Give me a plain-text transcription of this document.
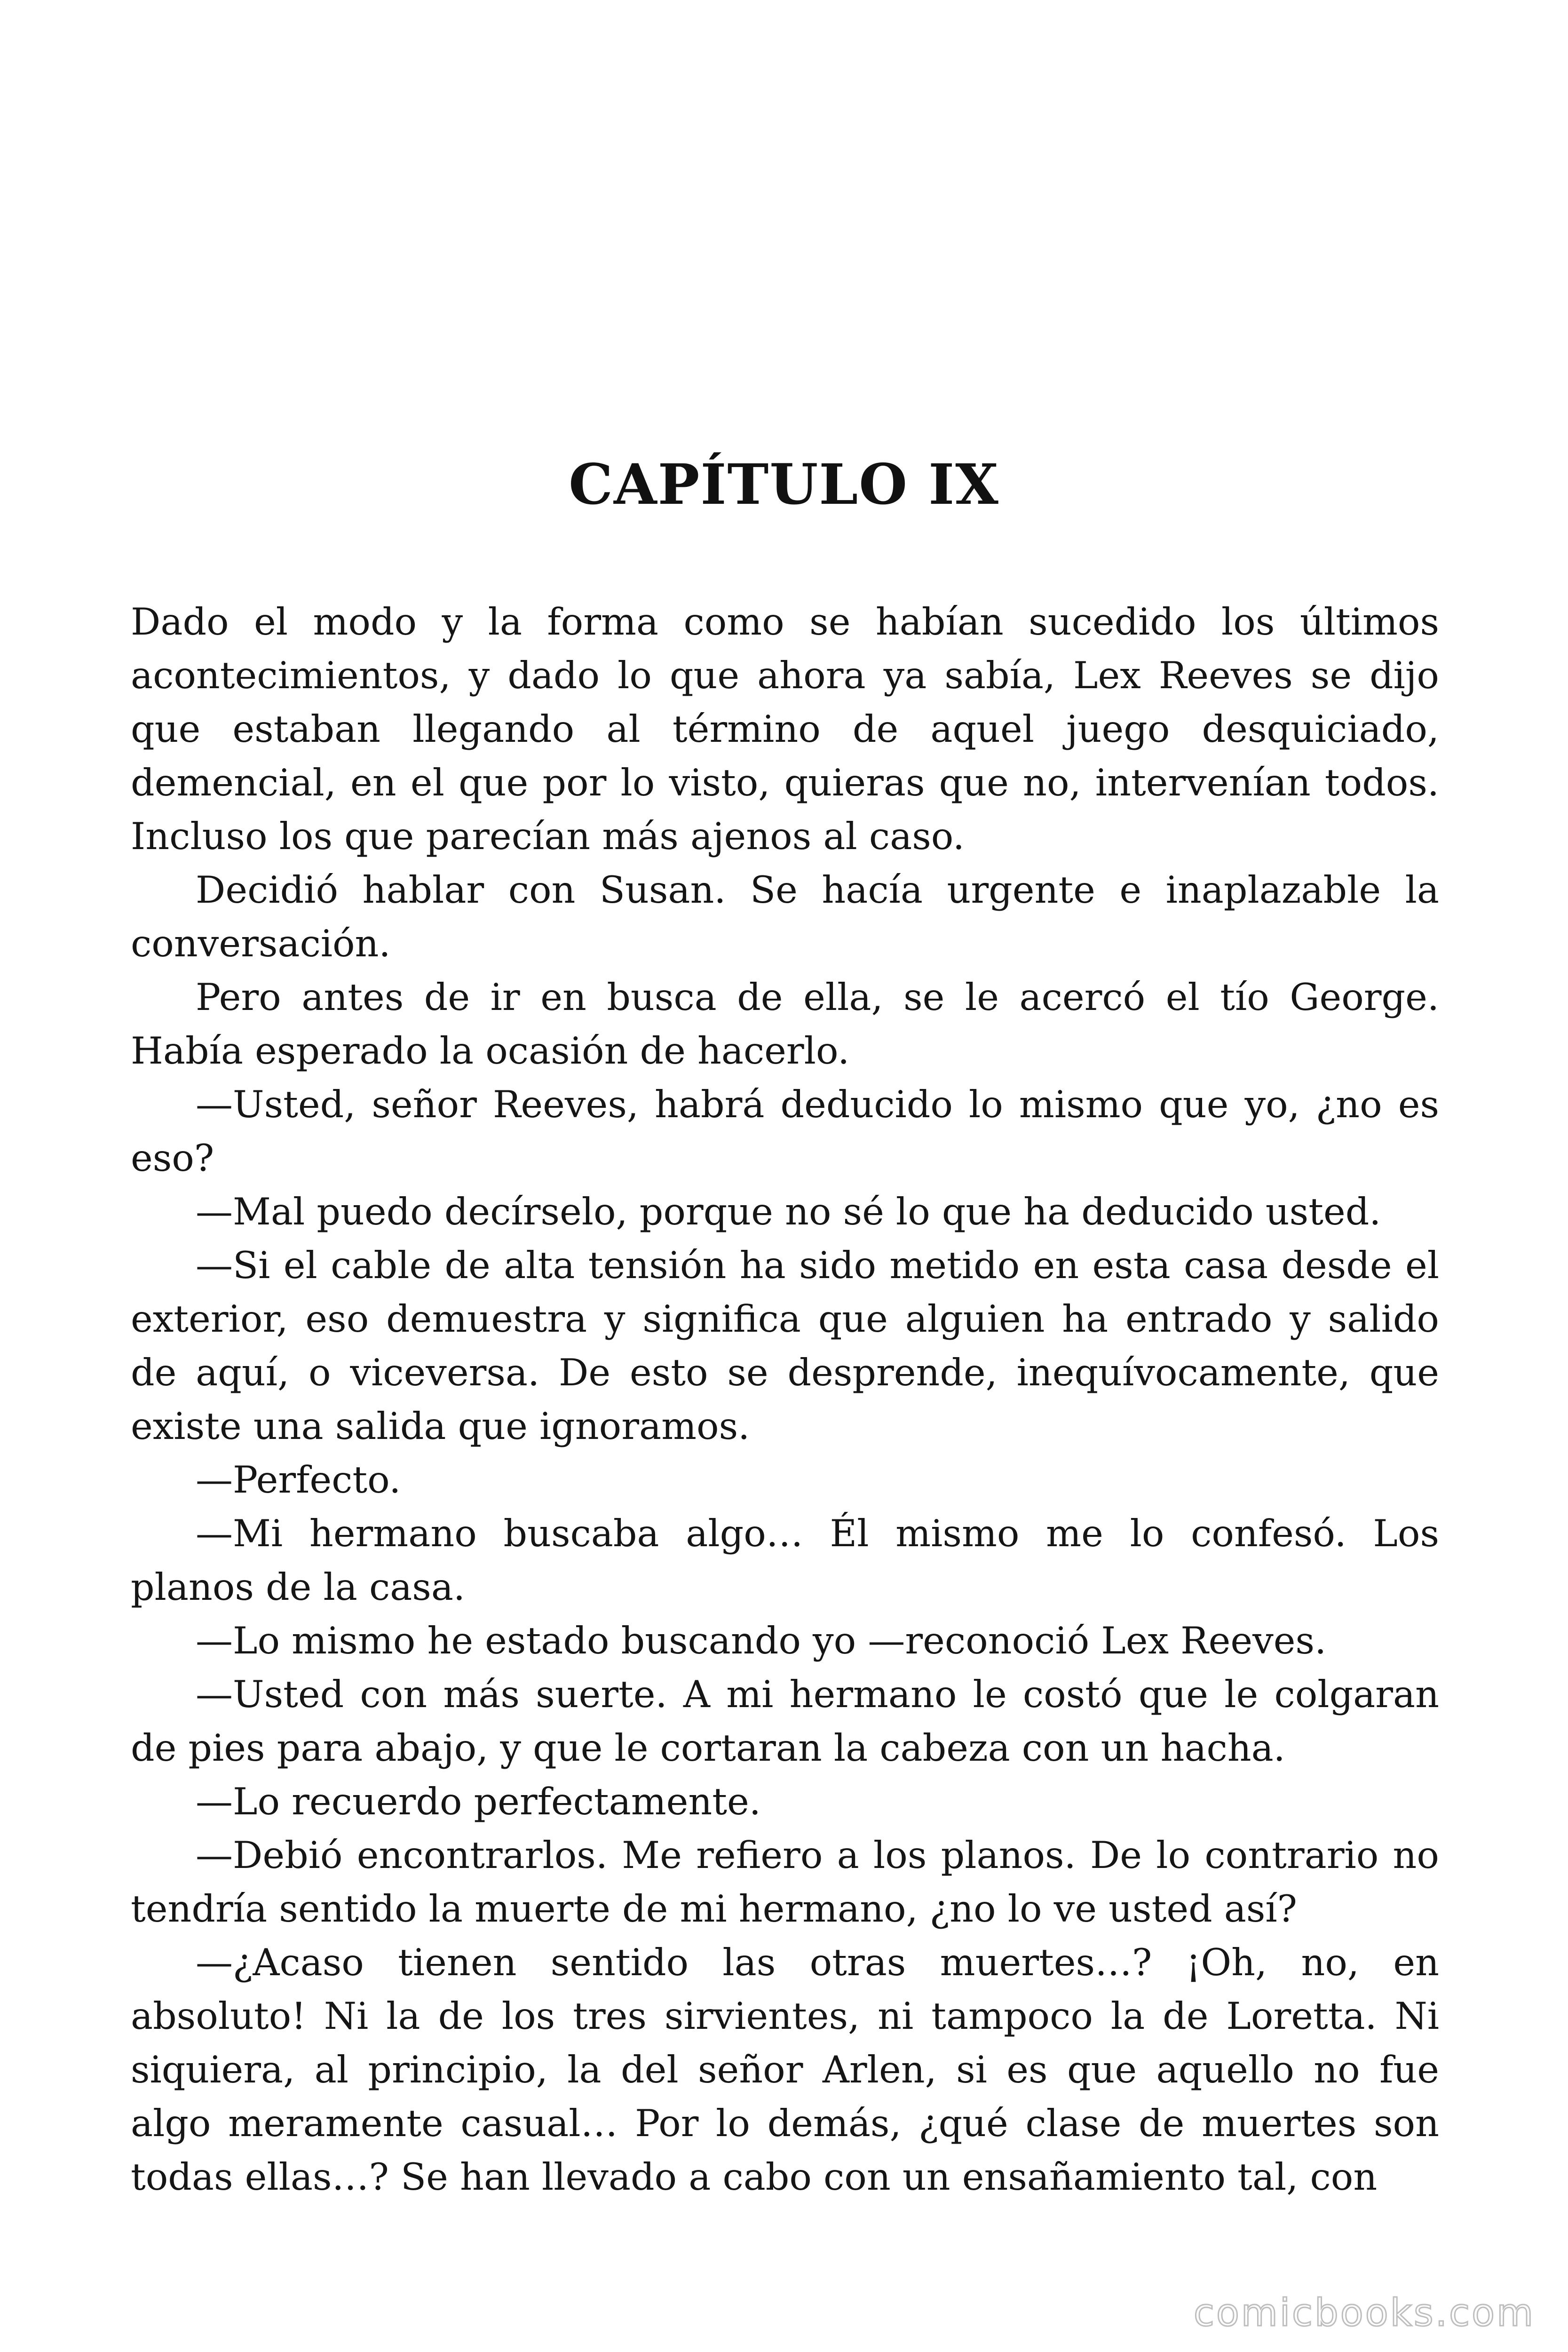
CAPÍTULO IX

Dado el modo y la forma como se habían sucedido los últimos acontecimientos, y dado lo que ahora ya sabía, Lex Reeves se dijo que estaban llegando al término de aquel juego desquiciado, demencial, en el que por lo visto, quieras que no, intervenían todos. Incluso los que parecían más ajenos al caso.

Decidió hablar con Susan. Se hacía urgente e inaplazable la conversación.

Pero antes de ir en busca de ella, se le acercó el tío George. Había esperado la ocasión de hacerlo.

—Usted, señor Reeves, habrá deducido lo mismo que yo, ¿no es eso?

—Mal puedo decírselo, porque no sé lo que ha deducido usted.

—Si el cable de alta tensión ha sido metido en esta casa desde el exterior, eso demuestra y significa que alguien ha entrado y salido de aquí, o viceversa. De esto se desprende, inequívocamente, que existe una salida que ignoramos.

—Perfecto.

—Mi hermano buscaba algo… Él mismo me lo confesó. Los planos de la casa.

—Lo mismo he estado buscando yo —reconoció Lex Reeves.

—Usted con más suerte. A mi hermano le costó que le colgaran de pies para abajo, y que le cortaran la cabeza con un hacha.

—Lo recuerdo perfectamente.

—Debió encontrarlos. Me refiero a los planos. De lo contrario no tendría sentido la muerte de mi hermano, ¿no lo ve usted así?

—¿Acaso tienen sentido las otras muertes…? ¡Oh, no, en absoluto! Ni la de los tres sirvientes, ni tampoco la de Loretta. Ni siquiera, al principio, la del señor Arlen, si es que aquello no fue algo meramente casual… Por lo demás, ¿qué clase de muertes son todas ellas…? Se han llevado a cabo con un ensañamiento tal, con

comicbooks.com
